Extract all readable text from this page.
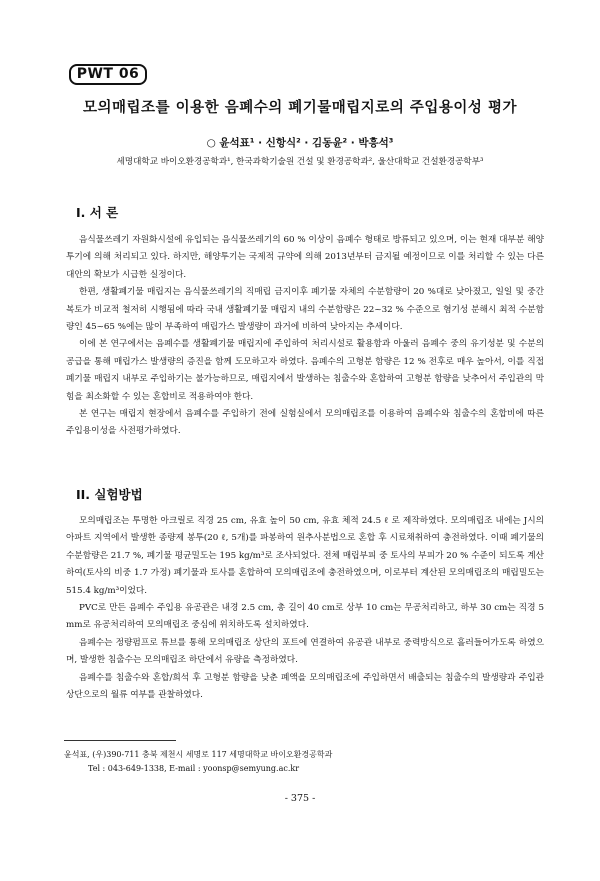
PWT 06
모의매립조를 이용한 음폐수의 폐기물매립지로의 주입용이성 평가
○ 윤석표¹ · 신항식² · 김동윤² · 박흥석³
세명대학교 바이오환경공학과¹, 한국과학기술원 건설 및 환경공학과², 울산대학교 건설환경공학부³
I. 서 론

음식물쓰레기 자원화시설에 유입되는 음식물쓰레기의 60 % 이상이 음폐수 형태로 방류되고 있으며, 이는 현재 대부분 해양투기에 의해 처리되고 있다. 하지만, 해양투기는 국제적 규약에 의해 2013년부터 금지될 예정이므로 이를 처리할 수 있는 다른 대안의 확보가 시급한 실정이다.

한편, 생활폐기물 매립지는 음식물쓰레기의 직매립 금지이후 폐기물 자체의 수분함량이 20 %대로 낮아졌고, 일일 및 중간복토가 비교적 철저히 시행됨에 따라 국내 생활폐기물 매립지 내의 수분함량은 22~32 % 수준으로 혐기성 분해시 최적 수분함량인 45~65 %에는 많이 부족하여 매립가스 발생량이 과거에 비하여 낮아지는 추세이다.

이에 본 연구에서는 음폐수를 생활폐기물 매립지에 주입하여 처리시설로 활용함과 아울러 음폐수 중의 유기성분 및 수분의 공급을 통해 매립가스 발생량의 증진을 함께 도모하고자 하였다. 음폐수의 고형분 함량은 12 % 전후로 매우 높아서, 이를 직접 폐기물 매립지 내부로 주입하기는 불가능하므로, 매립지에서 발생하는 침출수와 혼합하여 고형분 함량을 낮추어서 주입관의 막힘을 최소화할 수 있는 혼합비로 적용하여야 한다.

본 연구는 매립지 현장에서 음폐수를 주입하기 전에 실험실에서 모의매립조를 이용하여 음폐수와 침출수의 혼합비에 따른 주입용이성을 사전평가하였다.

II. 실험방법

모의매립조는 투명한 아크릴로 직경 25 cm, 유효 높이 50 cm, 유효 체적 24.5 ℓ 로 제작하였다. 모의매립조 내에는 J시의 아파트 지역에서 발생한 종량제 봉투(20 ℓ, 5개)를 파봉하여 원추사분법으로 혼합 후 시료채취하여 충전하였다. 이때 폐기물의 수분함량은 21.7 %, 폐기물 평균밀도는 195 kg/m³로 조사되었다. 전체 매립부피 중 토사의 부피가 20 % 수준이 되도록 계산하여(토사의 비중 1.7 가정) 폐기물과 토사를 혼합하여 모의매립조에 충전하였으며, 이로부터 계산된 모의매립조의 매립밀도는 515.4 kg/m³이었다.

PVC로 만든 음폐수 주입용 유공관은 내경 2.5 cm, 총 길이 40 cm로 상부 10 cm는 무공처리하고, 하부 30 cm는 직경 5 mm로 유공처리하여 모의매립조 중심에 위치하도록 설치하였다.

음폐수는 정량펌프로 튜브를 통해 모의매립조 상단의 포트에 연결하여 유공관 내부로 중력방식으로 흘러들어가도록 하였으며, 발생한 침출수는 모의매립조 하단에서 유량을 측정하였다.

음폐수를 침출수와 혼합/희석 후 고형분 함량을 낮춘 폐액을 모의매립조에 주입하면서 배출되는 침출수의 발생량과 주입관 상단으로의 월류 여부를 관찰하였다.

윤석표, (우)390-711 충북 제천시 세명로 117 세명대학교 바이오환경공학과
Tel : 043-649-1338, E-mail : yoonsp@semyung.ac.kr
- 375 -
